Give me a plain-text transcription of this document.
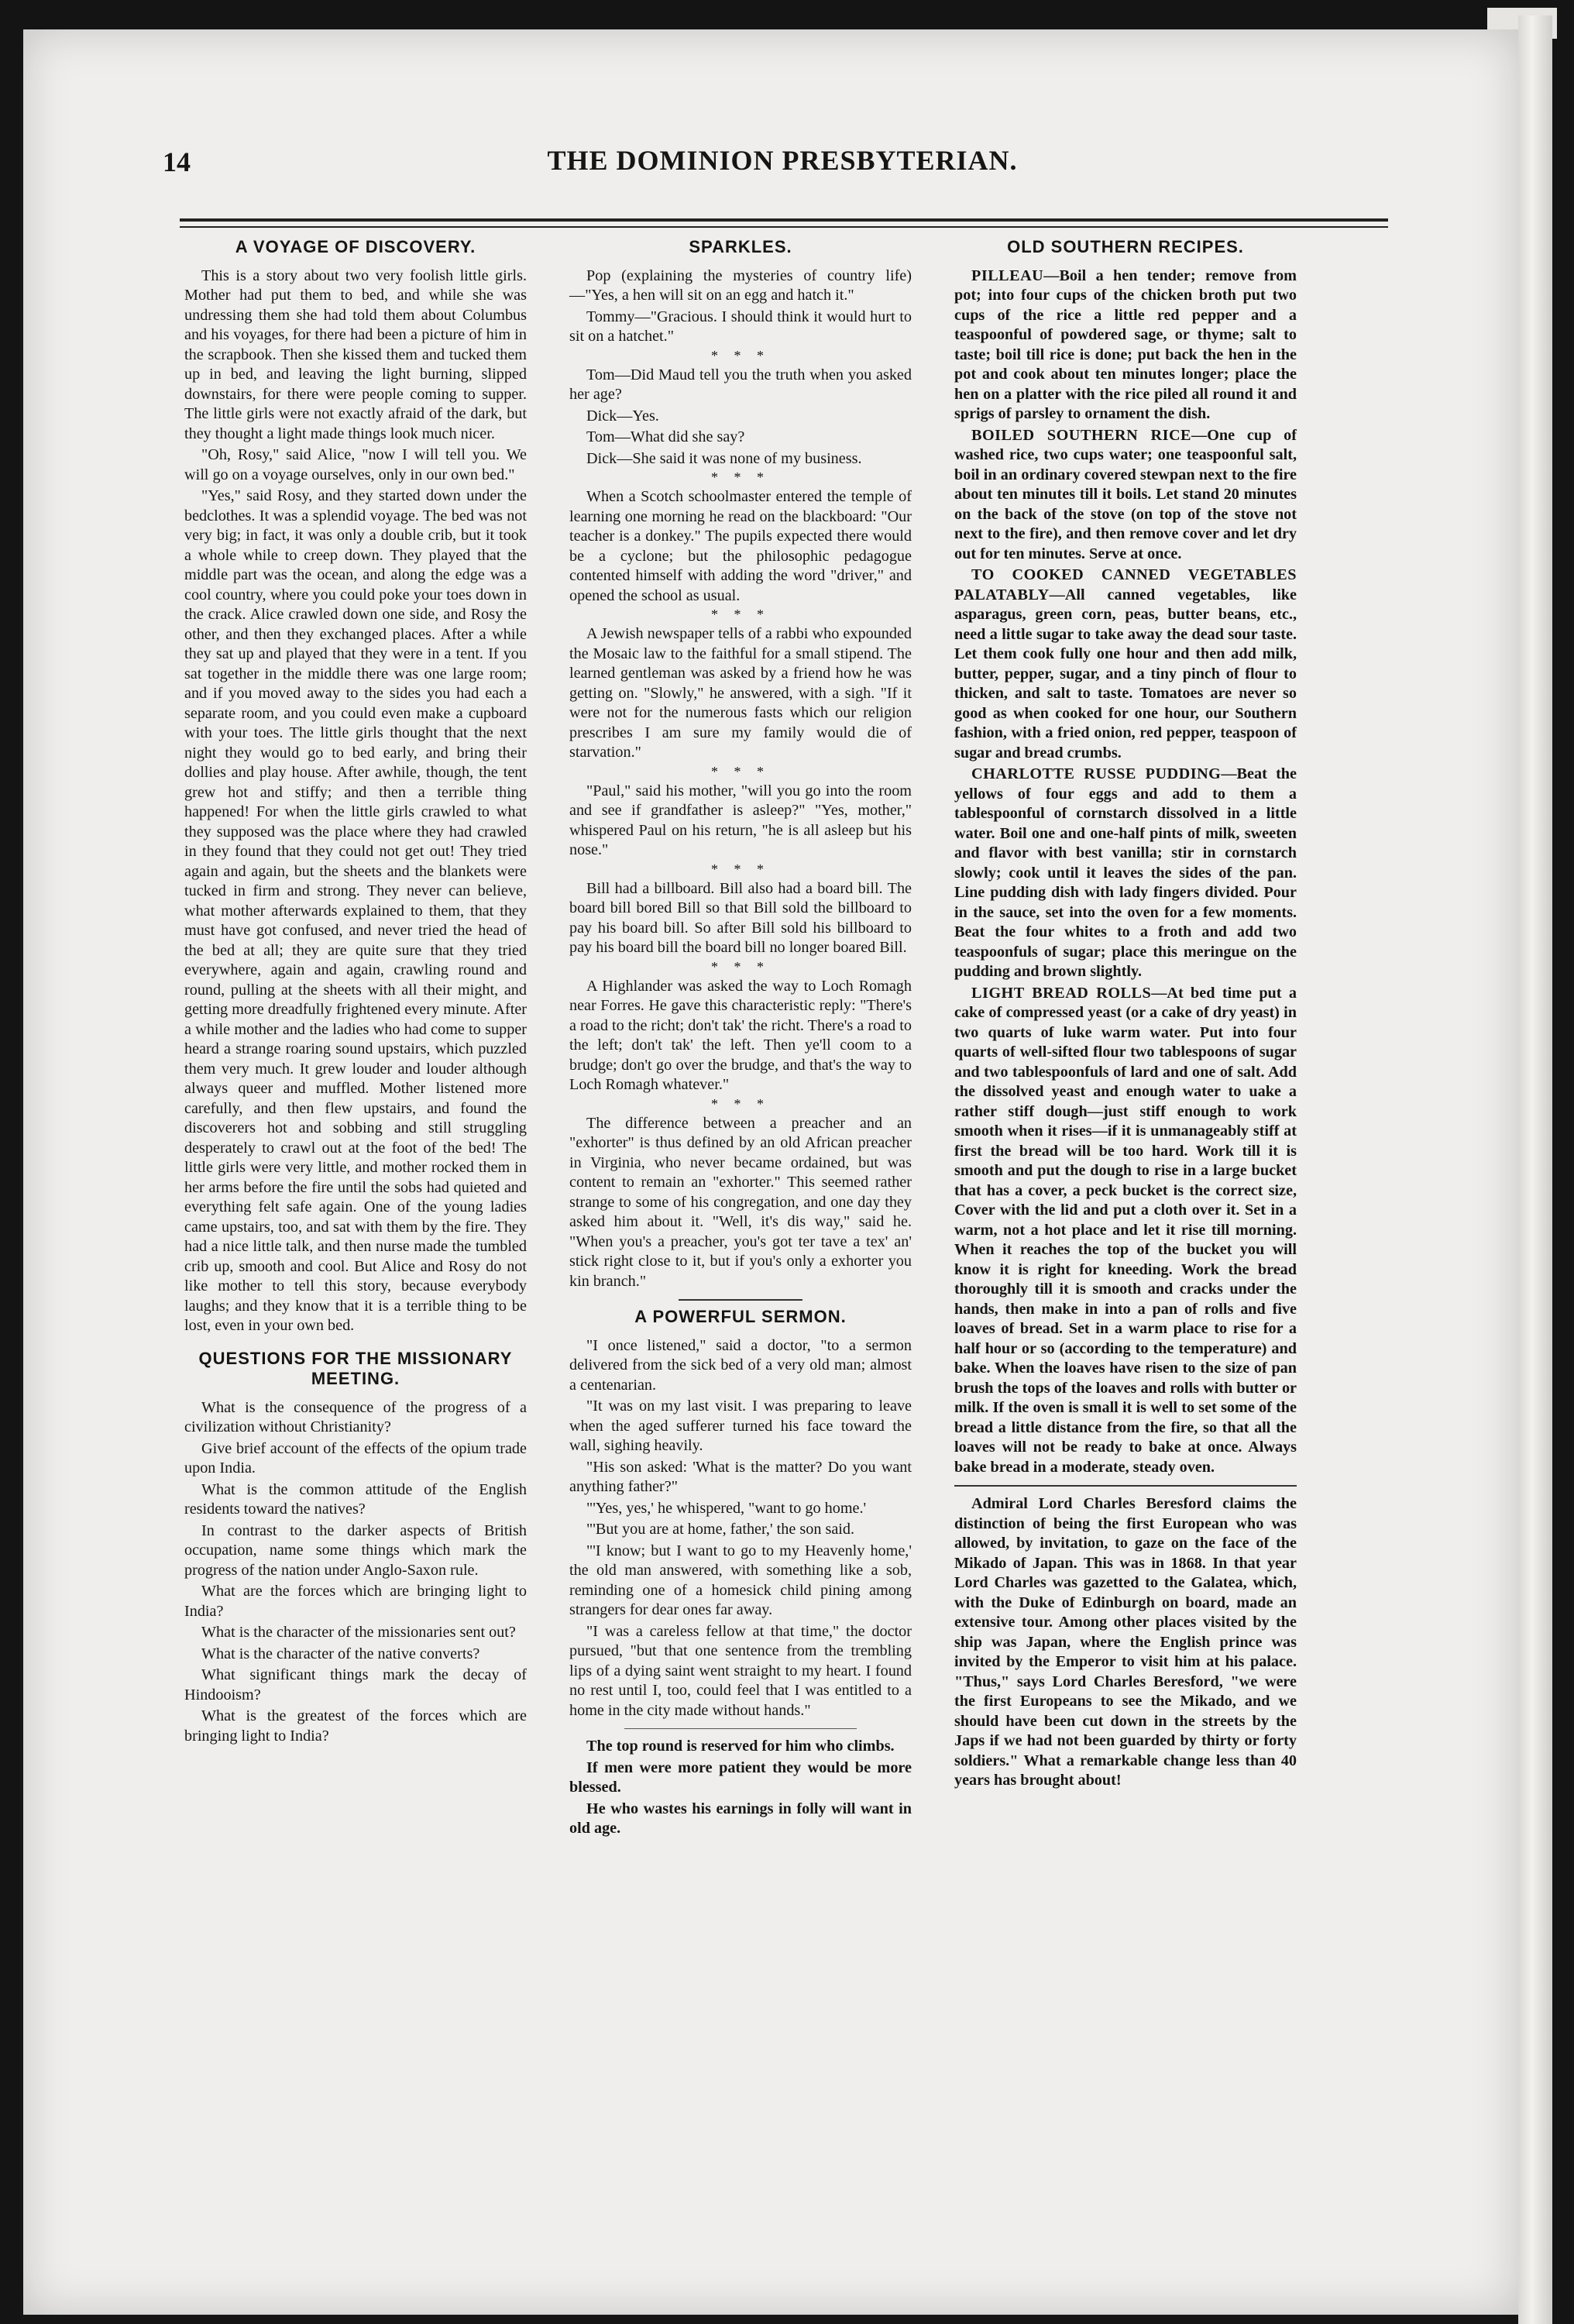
14	THE DOMINION PRESBYTERIAN.
A VOYAGE OF DISCOVERY.

This is a story about two very foolish little girls. Mother had put them to bed, and while she was undressing them she had told them about Columbus and his voyages, for there had been a picture of him in the scrapbook. Then she kissed them and tucked them up in bed, and leaving the light burning, slipped downstairs, for there were people coming to supper. The little girls were not exactly afraid of the dark, but they thought a light made things look much nicer.

"Oh, Rosy," said Alice, "now I will tell you. We will go on a voyage ourselves, only in our own bed."

"Yes," said Rosy, and they started down under the bedclothes. It was a splendid voyage. The bed was not very big; in fact, it was only a double crib, but it took a whole while to creep down. They played that the middle part was the ocean, and along the edge was a cool country, where you could poke your toes down in the crack. Alice crawled down one side, and Rosy the other, and then they exchanged places. After a while they sat up and played that they were in a tent. If you sat together in the middle there was one large room; and if you moved away to the sides you had each a separate room, and you could even make a cupboard with your toes. The little girls thought that the next night they would go to bed early, and bring their dollies and play house. After awhile, though, the tent grew hot and stiffy; and then a terrible thing happened! For when the little girls crawled to what they supposed was the place where they had crawled in they found that they could not get out! They tried again and again, but the sheets and the blankets were tucked in firm and strong. They never can believe, what mother afterwards explained to them, that they must have got confused, and never tried the head of the bed at all; they are quite sure that they tried everywhere, again and again, crawling round and round, pulling at the sheets with all their might, and getting more dreadfully frightened every minute. After a while mother and the ladies who had come to supper heard a strange roaring sound upstairs, which puzzled them very much. It grew louder and louder although always queer and muffled. Mother listened more carefully, and then flew upstairs, and found the discoverers hot and sobbing and still struggling desperately to crawl out at the foot of the bed! The little girls were very little, and mother rocked them in her arms before the fire until the sobs had quieted and everything felt safe again. One of the young ladies came upstairs, too, and sat with them by the fire. They had a nice little talk, and then nurse made the tumbled crib up, smooth and cool. But Alice and Rosy do not like mother to tell this story, because everybody laughs; and they know that it is a terrible thing to be lost, even in your own bed.

QUESTIONS FOR THE MISSIONARY MEETING.

What is the consequence of the progress of a civilization without Christianity?

Give brief account of the effects of the opium trade upon India.

What is the common attitude of the English residents toward the natives?

In contrast to the darker aspects of British occupation, name some things which mark the progress of the nation under Anglo-Saxon rule.

What are the forces which are bringing light to India?

What is the character of the missionaries sent out?

What is the character of the native converts?

What significant things mark the decay of Hindooism?

What is the greatest of the forces which are bringing light to India?

SPARKLES.

Pop (explaining the mysteries of country life)—"Yes, a hen will sit on an egg and hatch it."

Tommy—"Gracious. I should think it would hurt to sit on a hatchet."

* * *

Tom—Did Maud tell you the truth when you asked her age?

Dick—Yes.

Tom—What did she say?

Dick—She said it was none of my business.

* * *

When a Scotch schoolmaster entered the temple of learning one morning he read on the blackboard: "Our teacher is a donkey." The pupils expected there would be a cyclone; but the philosophic pedagogue contented himself with adding the word "driver," and opened the school as usual.

* * *

A Jewish newspaper tells of a rabbi who expounded the Mosaic law to the faithful for a small stipend. The learned gentleman was asked by a friend how he was getting on. "Slowly," he answered, with a sigh. "If it were not for the numerous fasts which our religion prescribes I am sure my family would die of starvation."

* * *

"Paul," said his mother, "will you go into the room and see if grandfather is asleep?" "Yes, mother," whispered Paul on his return, "he is all asleep but his nose."

* * *

Bill had a billboard. Bill also had a board bill. The board bill bored Bill so that Bill sold the billboard to pay his board bill. So after Bill sold his billboard to pay his board bill the board bill no longer boared Bill.

* * *

A Highlander was asked the way to Loch Romagh near Forres. He gave this characteristic reply: "There's a road to the richt; don't tak' the richt. There's a road to the left; don't tak' the left. Then ye'll coom to a brudge; don't go over the brudge, and that's the way to Loch Romagh whatever."

* * *

The difference between a preacher and an "exhorter" is thus defined by an old African preacher in Virginia, who never became ordained, but was content to remain an "exhorter." This seemed rather strange to some of his congregation, and one day they asked him about it. "Well, it's dis way," said he. "When you's a preacher, you's got ter tave a tex' an' stick right close to it, but if you's only a exhorter you kin branch."

A POWERFUL SERMON.

"I once listened," said a doctor, "to a sermon delivered from the sick bed of a very old man; almost a centenarian.

"It was on my last visit. I was preparing to leave when the aged sufferer turned his face toward the wall, sighing heavily.

"His son asked: 'What is the matter? Do you want anything father?"

"'Yes, yes,' he whispered, "want to go home.'

"'But you are at home, father,' the son said.

"'I know; but I want to go to my Heavenly home,' the old man answered, with something like a sob, reminding one of a homesick child pining among strangers for dear ones far away.

"I was a careless fellow at that time," the doctor pursued, "but that one sentence from the trembling lips of a dying saint went straight to my heart. I found no rest until I, too, could feel that I was entitled to a home in the city made without hands."

The top round is reserved for him who climbs.

If men were more patient they would be more blessed.

He who wastes his earnings in folly will want in old age.

OLD SOUTHERN RECIPES.

PILLEAU—Boil a hen tender; remove from pot; into four cups of the chicken broth put two cups of the rice a little red pepper and a teaspoonful of powdered sage, or thyme; salt to taste; boil till rice is done; put back the hen in the pot and cook about ten minutes longer; place the hen on a platter with the rice piled all round it and sprigs of parsley to ornament the dish.

BOILED SOUTHERN RICE—One cup of washed rice, two cups water; one teaspoonful salt, boil in an ordinary covered stewpan next to the fire about ten minutes till it boils. Let stand 20 minutes on the back of the stove (on top of the stove not next to the fire), and then remove cover and let dry out for ten minutes. Serve at once.

TO COOKED CANNED VEGETABLES PALATABLY—All canned vegetables, like asparagus, green corn, peas, butter beans, etc., need a little sugar to take away the dead sour taste. Let them cook fully one hour and then add milk, butter, pepper, sugar, and a tiny pinch of flour to thicken, and salt to taste. Tomatoes are never so good as when cooked for one hour, our Southern fashion, with a fried onion, red pepper, teaspoon of sugar and bread crumbs.

CHARLOTTE RUSSE PUDDING—Beat the yellows of four eggs and add to them a tablespoonful of cornstarch dissolved in a little water. Boil one and one-half pints of milk, sweeten and flavor with best vanilla; stir in cornstarch slowly; cook until it leaves the sides of the pan. Line pudding dish with lady fingers divided. Pour in the sauce, set into the oven for a few moments. Beat the four whites to a froth and add two teaspoonfuls of sugar; place this meringue on the pudding and brown slightly.

LIGHT BREAD ROLLS—At bed time put a cake of compressed yeast (or a cake of dry yeast) in two quarts of luke warm water. Put into four quarts of well-sifted flour two tablespoons of sugar and two tablespoonfuls of lard and one of salt. Add the dissolved yeast and enough water to uake a rather stiff dough—just stiff enough to work smooth when it rises—if it is unmanageably stiff at first the bread will be too hard. Work till it is smooth and put the dough to rise in a large bucket that has a cover, a peck bucket is the correct size, Cover with the lid and put a cloth over it. Set in a warm, not a hot place and let it rise till morning. When it reaches the top of the bucket you will know it is right for kneeding. Work the bread thoroughly till it is smooth and cracks under the hands, then make in into a pan of rolls and five loaves of bread. Set in a warm place to rise for a half hour or so (according to the temperature) and bake. When the loaves have risen to the size of pan brush the tops of the loaves and rolls with butter or milk. If the oven is small it is well to set some of the bread a little distance from the fire, so that all the loaves will not be ready to bake at once. Always bake bread in a moderate, steady oven.

Admiral Lord Charles Beresford claims the distinction of being the first European who was allowed, by invitation, to gaze on the face of the Mikado of Japan. This was in 1868. In that year Lord Charles was gazetted to the Galatea, which, with the Duke of Edinburgh on board, made an extensive tour. Among other places visited by the ship was Japan, where the English prince was invited by the Emperor to visit him at his palace. "Thus," says Lord Charles Beresford, "we were the first Europeans to see the Mikado, and we should have been cut down in the streets by the Japs if we had not been guarded by thirty or forty soldiers." What a remarkable change less than 40 years has brought about!
